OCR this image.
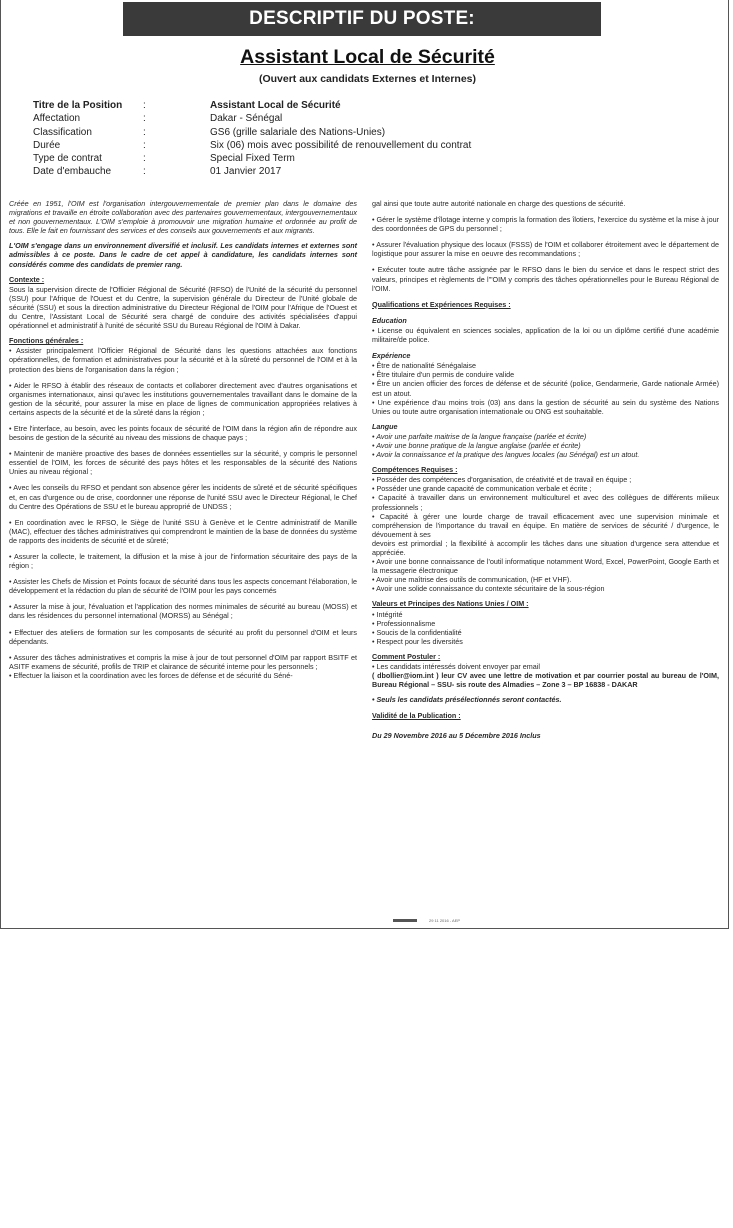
DESCRIPTIF DU POSTE:
Assistant Local de Sécurité
(Ouvert aux candidats Externes et Internes)
Titre de la Position	:	Assistant Local de Sécurité
Affectation	:	Dakar - Sénégal
Classification	:	GS6 (grille salariale des Nations-Unies)
Durée	:	Six (06) mois avec possibilité de renouvellement du contrat
Type de contrat	:	Special Fixed Term
Date d'embauche	:	01 Janvier 2017

Créée en 1951, l'OIM est l'organisation intergouvernementale de premier plan dans le domaine des migrations et travaille en étroite collaboration avec des partenaires gouvernementaux, intergouvernementaux et non gouvernementaux. L'OIM s'emploie à promouvoir une migration humaine et ordonnée au profit de tous. Elle le fait en fournissant des services et des conseils aux gouvernements et aux migrants.

L'OIM s'engage dans un environnement diversifié et inclusif. Les candidats internes et externes sont admissibles à ce poste. Dans le cadre de cet appel à candidature, les candidats internes sont considérés comme des candidats de premier rang.

Contexte :

Sous la supervision directe de l'Officier Régional de Sécurité (RFSO) de l'Unité de la sécurité du personnel (SSU) pour l'Afrique de l'Ouest et du Centre, la supervision générale du Directeur de l'Unité globale de sécurité (SSU) et sous la direction administrative du Directeur Régional de l'OIM pour l'Afrique de l'Ouest et du Centre, l'Assistant Local de Sécurité sera chargé de conduire des activités spécialisées d'appui opérationnel et administratif à l'unité de sécurité SSU du Bureau Régional de l'OIM à Dakar.

Fonctions générales :

• Assister principalement l'Officier Régional de Sécurité dans les questions attachées aux fonctions opérationnelles, de formation et administratives pour la sécurité et à la sûreté du personnel de l'OIM et à la protection des biens de l'organisation dans la région ;

• Aider le RFSO à établir des réseaux de contacts et collaborer directement avec d'autres organisations et organismes internationaux, ainsi qu'avec les institutions gouvernementales travaillant dans le domaine de la gestion de la sécurité, pour assurer la mise en place de lignes de communication appropriées relatives à certains aspects de la sécurité et de la sûreté dans la région ;

• Etre l'interface, au besoin, avec les points focaux de sécurité de l'OIM dans la région afin de répondre aux besoins de gestion de la sécurité au niveau des missions de chaque pays ;

• Maintenir de manière proactive des bases de données essentielles sur la sécurité, y compris le personnel essentiel de l'OIM, les forces de sécurité des pays hôtes et les responsables de la sécurité des Nations Unies au niveau régional ;

• Avec les conseils du RFSO et pendant son absence gérer les incidents de sûreté et de sécurité spécifiques et, en cas d'urgence ou de crise, coordonner une réponse de l'unité SSU avec le Directeur Régional, le Chef du Centre des Opérations de SSU et le bureau approprié de UNDSS ;

• En coordination avec le RFSO, le Siège de l'unité SSU à Genève et le Centre administratif de Manille (MAC), effectuer des tâches administratives qui comprendront le maintien de la base de données du système de rapports des incidents de sécurité et de sûreté;

• Assurer la collecte, le traitement, la diffusion et la mise à jour de l'information sécuritaire des pays de la région ;

• Assister les Chefs de Mission et Points focaux de sécurité dans tous les aspects concernant l'élaboration, le développement et la rédaction du plan de sécurité de l'OIM pour les pays concernés

• Assurer la mise à jour, l'évaluation et l'application des normes minimales de sécurité au bureau (MOSS) et dans les résidences du personnel international (MORSS) au Sénégal ;

• Effectuer des ateliers de formation sur les composants de sécurité au profit du personnel d'OIM et leurs dépendants.

• Assurer des tâches administratives et compris la mise à jour de tout personnel d'OIM par rapport BSITF et ASITF examens de sécurité, profils de TRIP et clairance de sécurité interne pour les personnels ;

• Effectuer la liaison et la coordination avec les forces de défense et de sécurité du Séné-

gal ainsi que toute autre autorité nationale en charge des questions de sécurité.

• Gérer le système d'îlotage interne y compris la formation des îlotiers, l'exercice du système et la mise à jour des coordonnées de GPS du personnel ;

• Assurer l'évaluation physique des locaux (FSSS) de l'OIM et collaborer étroitement avec le département de logistique pour assurer la mise en oeuvre des recommandations ;

• Exécuter toute autre tâche assignée par le RFSO dans le bien du service et dans le respect strict des valeurs, principes et règlements de l'"OIM y compris des tâches opérationnelles pour le Bureau Régional de l'OIM.

Qualifications et Expériences Requises :
Education

• License ou équivalent en sciences sociales, application de la loi ou un diplôme certifié d'une académie militaire/de police.

Expérience

• Être de nationalité Sénégalaise

• Être titulaire d'un permis de conduire valide

• Être un ancien officier des forces de défense et de sécurité (police, Gendarmerie, Garde nationale Armée) est un atout.

• Une expérience d'au moins trois (03) ans dans la gestion de sécurité au sein du système des Nations Unies ou toute autre organisation internationale ou ONG est souhaitable.

Langue

• Avoir une parfaite maitrise de la langue française (parlée et écrite)

• Avoir une bonne pratique de la langue anglaise (parlée et écrite)

• Avoir la connaissance et la pratique des langues locales (au Sénégal) est un atout.

Compétences Requises :

• Posséder des compétences d'organisation, de créativité et de travail en équipe ;

• Posséder une grande capacité de communication verbale et écrite ;

• Capacité à travailler dans un environnement multiculturel et avec des collègues de différents milieux professionnels ;

• Capacité à gérer une lourde charge de travail efficacement avec une supervision minimale et compréhension de l'importance du travail en équipe. En matière de services de sécurité / d'urgence, le dévouement à ses

devoirs est primordial ; la flexibilité à accomplir les tâches dans une situation d'urgence sera attendue et appréciée.

• Avoir une bonne connaissance de l'outil informatique notamment Word, Excel, PowerPoint, Google Earth et la messagerie électronique

• Avoir une maîtrise des outils de communication, (HF et VHF).

• Avoir une solide connaissance du contexte sécuritaire de la sous-région

Valeurs et Principes des Nations Unies / OIM :

• Intégrité

• Professionnalisme

• Soucis de la confidentialité

• Respect pour les diversités

Comment Postuler :

• Les candidats intéressés doivent envoyer par email

( dbollier@iom.int ) leur CV avec une lettre de motivation et par courrier postal au bureau de l'OIM, Bureau Régional – SSU- sis route des Almadies – Zone 3 – BP 16838 - DAKAR

• Seuls les candidats présélectionnés seront contactés.

Validité de la Publication :

Du 29 Novembre 2016 au 5 Décembre 2016 Inclus

29 11 2016 - AEP
